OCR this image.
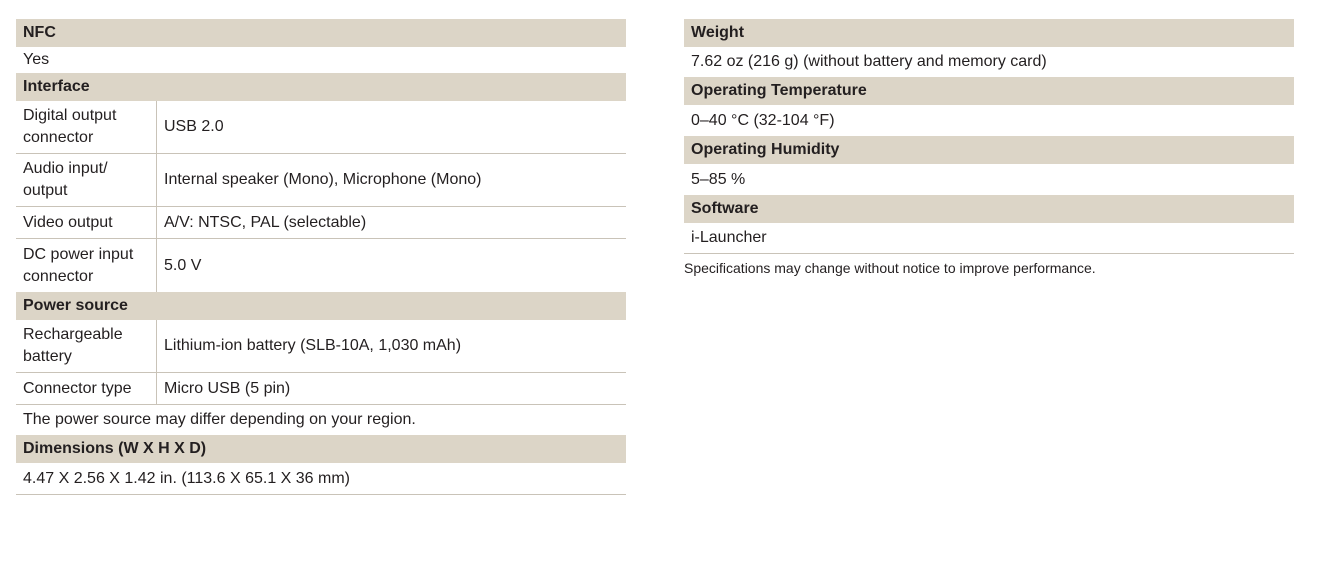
NFC
Yes
Interface
Digital output connector
USB 2.0
Audio input/ output
Internal speaker (Mono), Microphone (Mono)
Video output	A/V: NTSC, PAL (selectable)
DC power input connector
5.0 V
Power source
Rechargeable battery
Lithium-ion battery (SLB-10A, 1,030 mAh)
Connector type	Micro USB (5 pin)
The power source may differ depending on your region.
Dimensions (W X H X D)
4.47 X 2.56 X 1.42 in. (113.6 X 65.1 X 36 mm)
Weight
7.62 oz (216 g) (without battery and memory card)
Operating Temperature
0–40 °C (32-104 °F)
Operating Humidity
5–85 %
Software
i-Launcher
Specifications may change without notice to improve performance.
